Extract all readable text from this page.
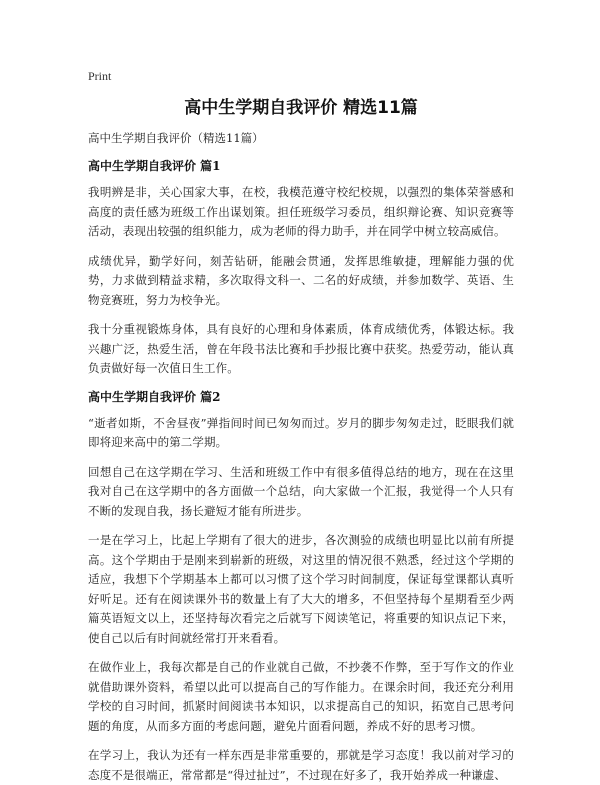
Print
高中生学期自我评价 精选11篇
高中生学期自我评价（精选11篇）
高中生学期自我评价 篇1

我明辨是非，关心国家大事，在校，我模范遵守校纪校规，以强烈的集体荣誉感和高度的责任感为班级工作出谋划策。担任班级学习委员，组织辩论赛、知识竞赛等活动，表现出较强的组织能力，成为老师的得力助手，并在同学中树立较高威信。

成绩优异，勤学好问，刻苦钻研，能融会贯通，发挥思维敏捷，理解能力强的优势，力求做到精益求精，多次取得文科一、二名的好成绩，并参加数学、英语、生物竞赛班，努力为校争光。

我十分重视锻炼身体，具有良好的心理和身体素质，体育成绩优秀，体锻达标。我兴趣广泛，热爱生活，曾在年段书法比赛和手抄报比赛中获奖。热爱劳动，能认真负责做好每一次值日生工作。

高中生学期自我评价 篇2

“逝者如斯，不舍昼夜”弹指间时间已匆匆而过。岁月的脚步匆匆走过，眨眼我们就即将迎来高中的第二学期。

回想自己在这学期在学习、生活和班级工作中有很多值得总结的地方，现在在这里我对自己在这学期中的各方面做一个总结，向大家做一个汇报，我觉得一个人只有不断的发现自我，扬长避短才能有所进步。

一是在学习上，比起上学期有了很大的进步，各次测验的成绩也明显比以前有所提高。这个学期由于是刚来到崭新的班级，对这里的情况很不熟悉，经过这个学期的适应，我想下个学期基本上都可以习惯了这个学习时间制度，保证每堂课都认真听好听足。还有在阅读课外书的数量上有了大大的增多，不但坚持每个星期看至少两篇英语短文以上，还坚持每次看完之后就写下阅读笔记，将重要的知识点记下来，使自己以后有时间就经常打开来看看。

在做作业上，我每次都是自己的作业就自己做，不抄袭不作弊，至于写作文的作业就借助课外资料，希望以此可以提高自己的写作能力。在课余时间，我还充分利用学校的自习时间，抓紧时间阅读书本知识，以求提高自己的知识，拓宽自己思考问题的角度，从而多方面的考虑问题，避免片面看问题，养成不好的思考习惯。

在学习上，我认为还有一样东西是非常重要的，那就是学习态度！我以前对学习的态度不是很端正，常常都是“得过扯过”，不过现在好多了，我开始养成一种谦虚、
